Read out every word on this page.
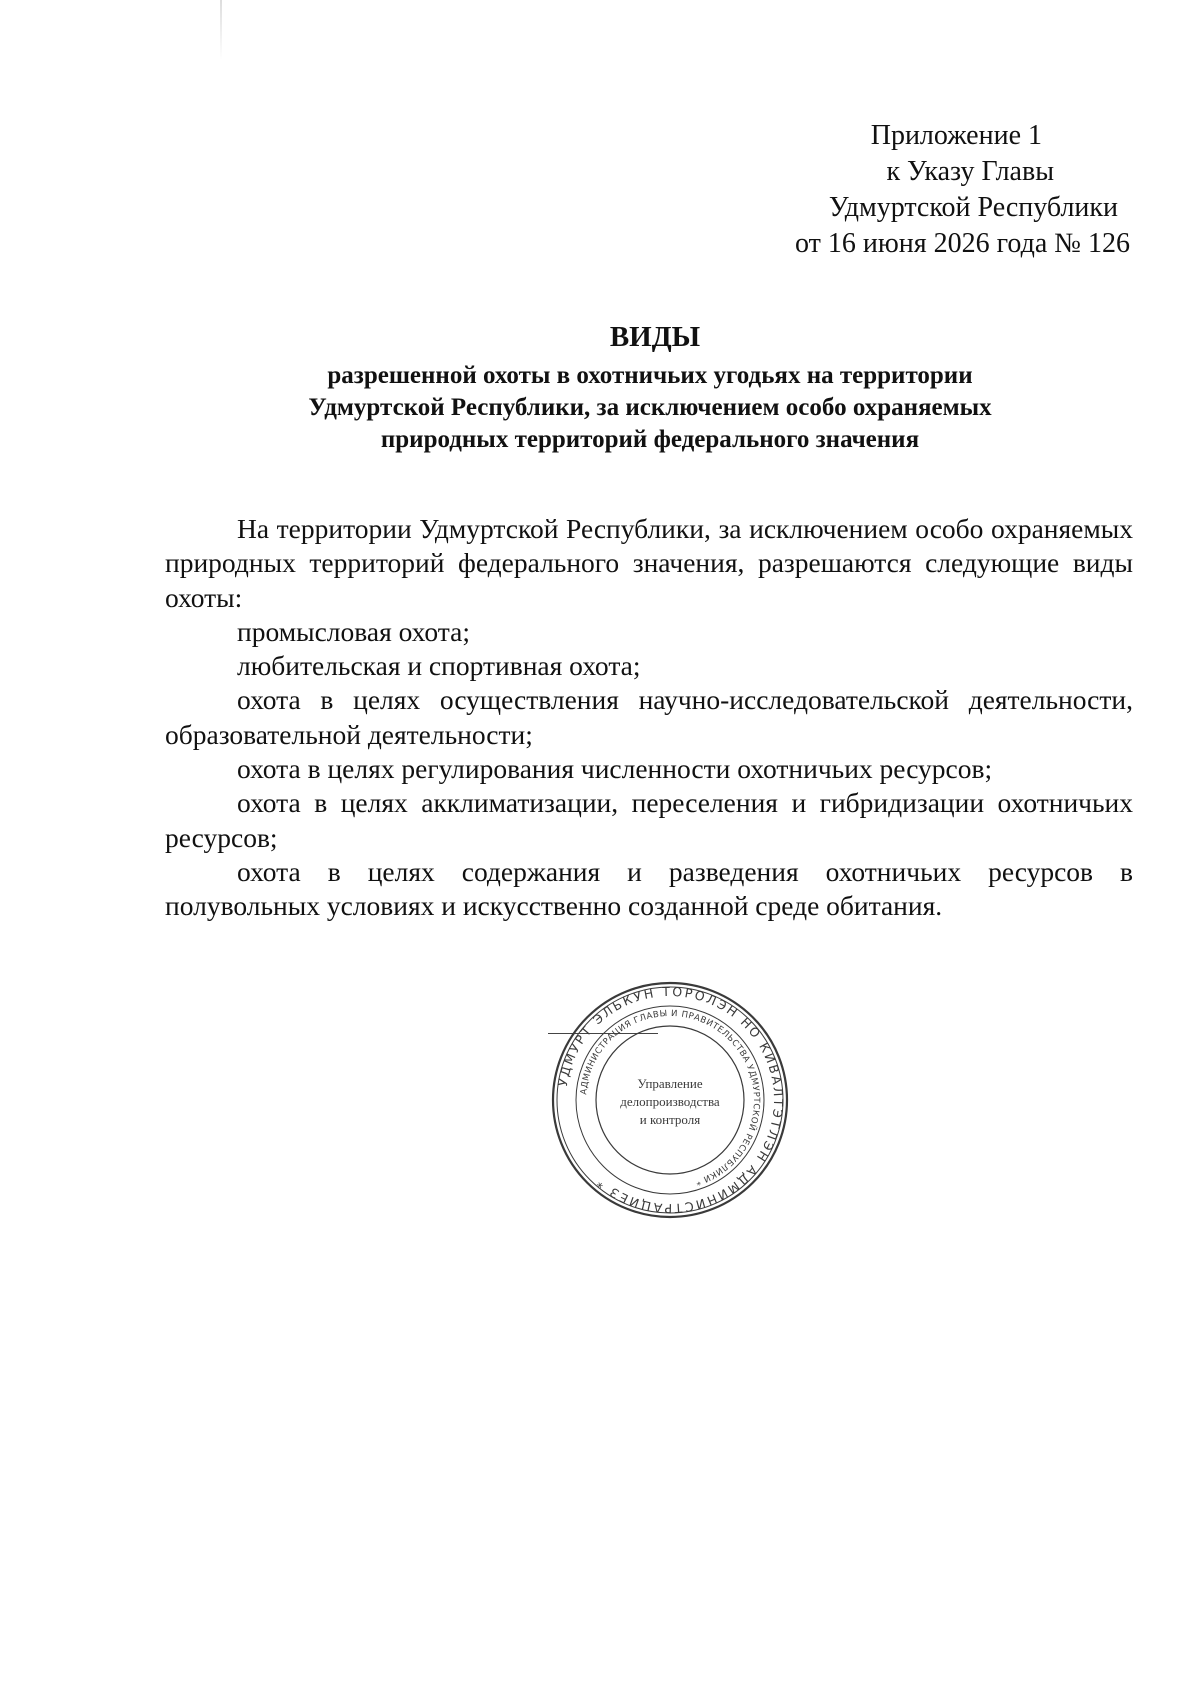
Приложение 1
к Указу Главы
Удмуртской Республики
от 16 июня 2026 года № 126
ВИДЫ
разрешенной охоты в охотничьих угодьях на территории
Удмуртской Республики, за исключением особо охраняемых
природных территорий федерального значения

На территории Удмуртской Республики, за исключением особо охраняемых природных территорий федерального значения, разрешаются следующие виды охоты:

промысловая охота;

любительская и спортивная охота;

охота в целях осуществления научно-исследовательской деятельности, образовательной деятельности;

охота в целях регулирования численности охотничьих ресурсов;

охота в целях акклиматизации, переселения и гибридизации охотничьих ресурсов;

охота в целях содержания и разведения охотничьих ресурсов в полувольных условиях и искусственно созданной среде обитания.

УДМУРТ ЭЛЬКУН ТОРОЛЭН НО КИВАЛТЭТЛЭН АДМИНИСТРАЦИЕЗ *
АДМИНИСТРАЦИЯ ГЛАВЫ И ПРАВИТЕЛЬСТВА УДМУРТСКОЙ РЕСПУБЛИКИ *
Управление
делопроизводства
и контроля
